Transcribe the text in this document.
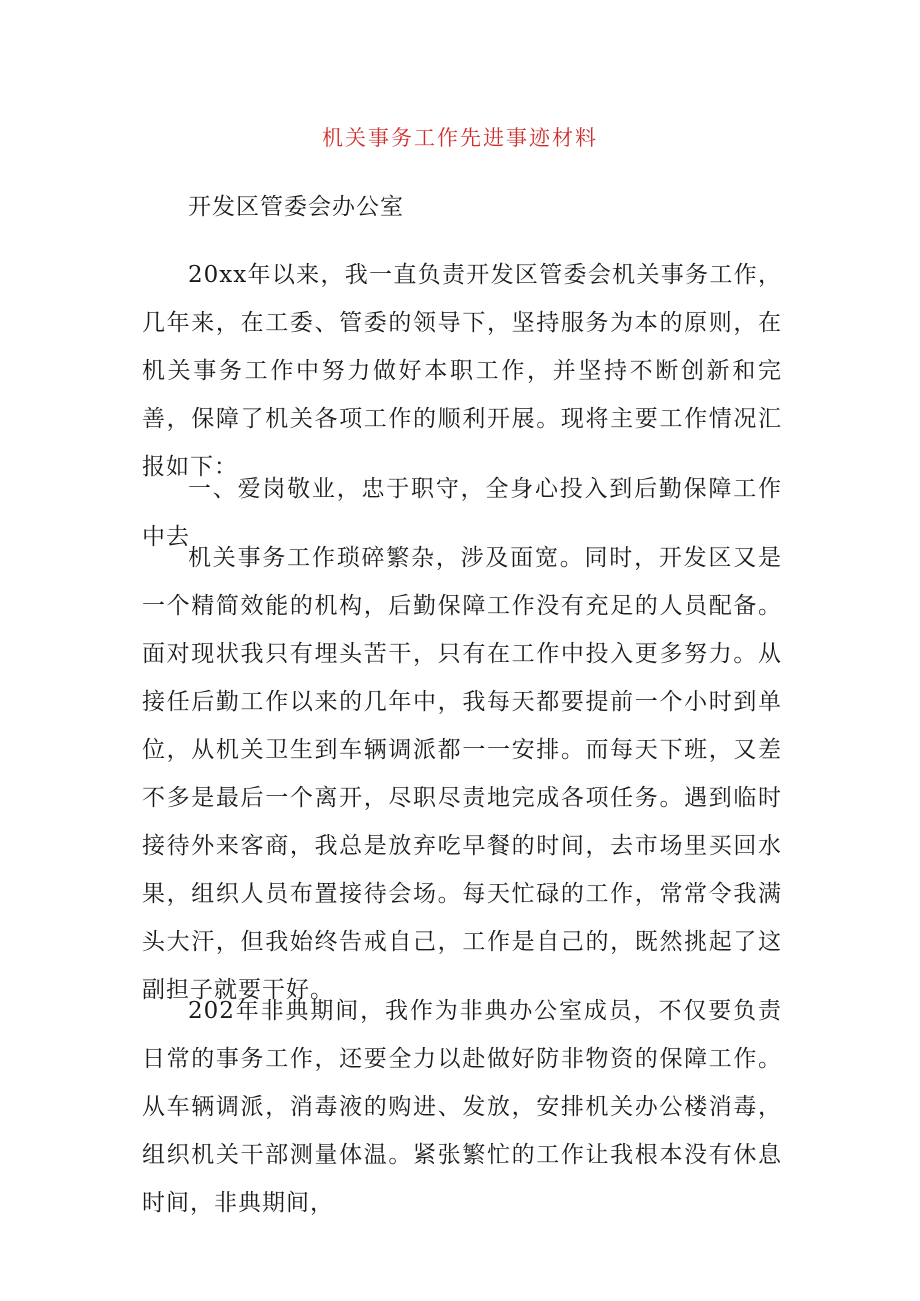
机关事务工作先进事迹材料

开发区管委会办公室

20xx年以来，我一直负责开发区管委会机关事务工作，几年来，在工委、管委的领导下，坚持服务为本的原则，在机关事务工作中努力做好本职工作，并坚持不断创新和完善，保障了机关各项工作的顺利开展。现将主要工作情况汇报如下：

一、爱岗敬业，忠于职守，全身心投入到后勤保障工作中去

机关事务工作琐碎繁杂，涉及面宽。同时，开发区又是一个精简效能的机构，后勤保障工作没有充足的人员配备。面对现状我只有埋头苦干，只有在工作中投入更多努力。从接任后勤工作以来的几年中，我每天都要提前一个小时到单位，从机关卫生到车辆调派都一一安排。而每天下班，又差不多是最后一个离开，尽职尽责地完成各项任务。遇到临时接待外来客商，我总是放弃吃早餐的时间，去市场里买回水果，组织人员布置接待会场。每天忙碌的工作，常常令我满头大汗，但我始终告戒自己，工作是自己的，既然挑起了这副担子就要干好。

202年非典期间，我作为非典办公室成员，不仅要负责日常的事务工作，还要全力以赴做好防非物资的保障工作。从车辆调派，消毒液的购进、发放，安排机关办公楼消毒，组织机关干部测量体温。紧张繁忙的工作让我根本没有休息时间，非典期间，
